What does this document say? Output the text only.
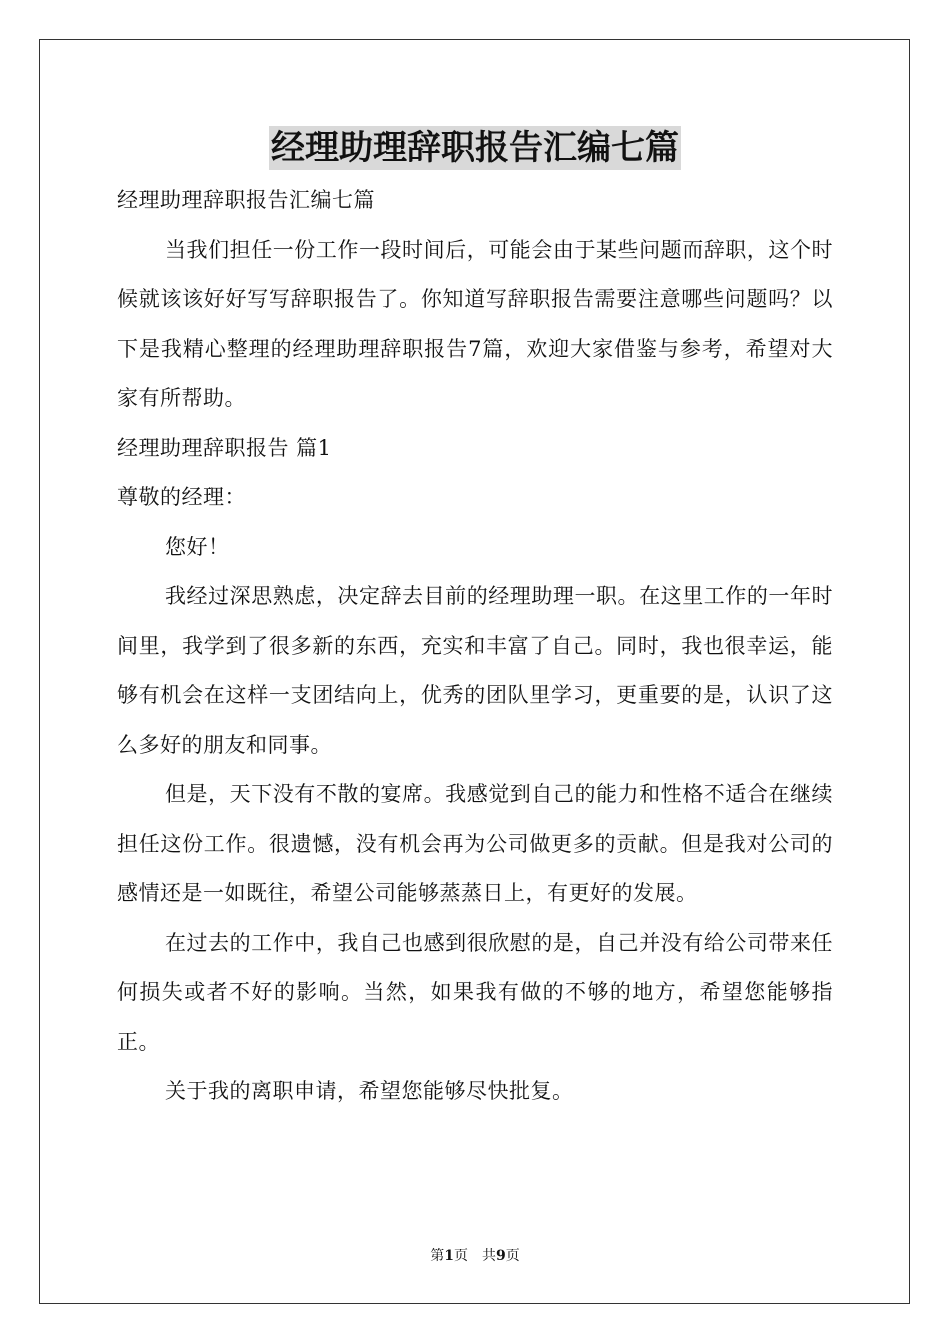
经理助理辞职报告汇编七篇

经理助理辞职报告汇编七篇

当我们担任一份工作一段时间后，可能会由于某些问题而辞职，这个时候就该该好好写写辞职报告了。你知道写辞职报告需要注意哪些问题吗？以下是我精心整理的经理助理辞职报告7篇，欢迎大家借鉴与参考，希望对大家有所帮助。

经理助理辞职报告 篇1

尊敬的经理：

您好！

我经过深思熟虑，决定辞去目前的经理助理一职。在这里工作的一年时间里，我学到了很多新的东西，充实和丰富了自己。同时，我也很幸运，能够有机会在这样一支团结向上，优秀的团队里学习，更重要的是，认识了这么多好的朋友和同事。

但是，天下没有不散的宴席。我感觉到自己的能力和性格不适合在继续担任这份工作。很遗憾，没有机会再为公司做更多的贡献。但是我对公司的感情还是一如既往，希望公司能够蒸蒸日上，有更好的发展。

在过去的工作中，我自己也感到很欣慰的是，自己并没有给公司带来任何损失或者不好的影响。当然，如果我有做的不够的地方，希望您能够指正。

关于我的离职申请，希望您能够尽快批复。

第1页 共9页
